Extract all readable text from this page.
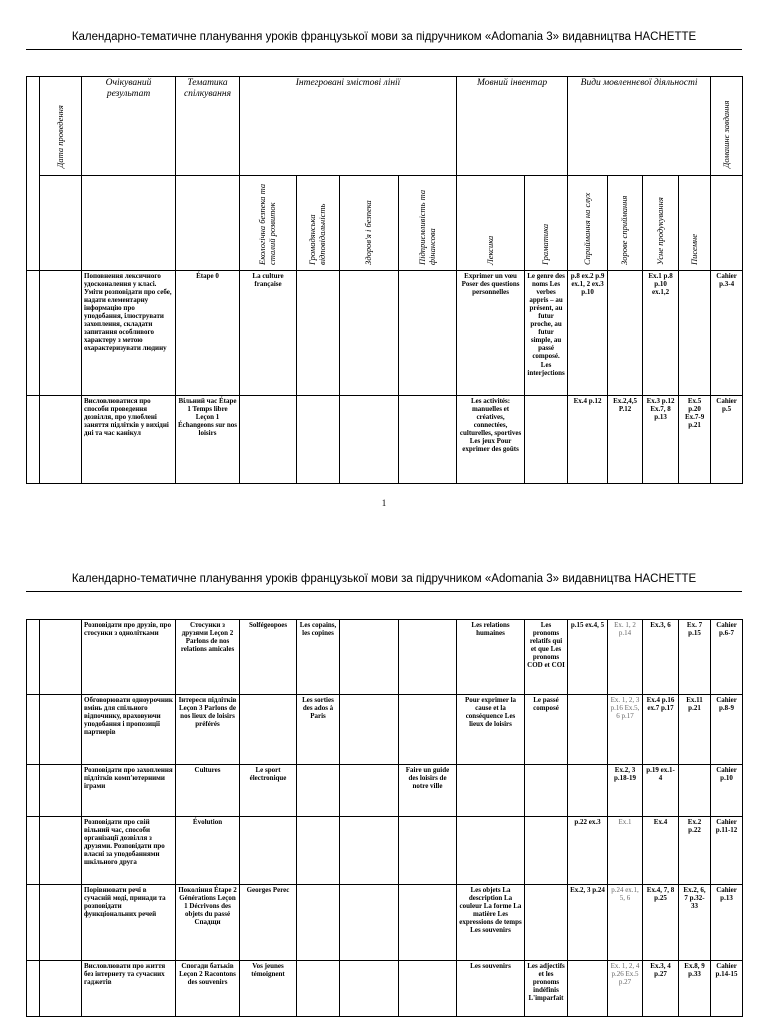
Календарно-тематичне планування уроків французької мови за підручником «Adomania 3» видавництва HACHETTE

	Дата проведення	Очікуваний результат	Тематика спілкування	Інтегровані змістові лінії				Мовний інвентар		Види мовленнєвої діяльності				Домашнє завдання

				Екологічна безпека та сталий розвиток	Громадянська відповідальність	Здоров'я і безпека	Підприємливість та фінансова	Лексика	Граматика	Сприймання на слух	Зорове сприймання	Усне продукування	Писемне	

		Поповнення лексичного удосконалення у класі. Уміти розповідати про себе, надати елементарну інформацію про уподобання, ілюструвати захоплення, складати запитання особливого характеру з метою охарактеризувати людину	Étape 0	La culture française				Exprimer un vœu Poser des questions personnelles	Le genre des noms Les verbes appris – au présent, au futur proche, au futur simple, au passé composé. Les interjections	p.8 ex.2 p.9 ex.1, 2 ex.3 p.10		Ex.1 p.8 p.10 ex.1,2		Cahier p.3-4
		Висловлюватися про способи проведення дозвілля, про улюблені заняття підлітків у вихідні дні та час канікул	Вільний час Étape 1 Temps libre Leçon 1 Échangeons sur nos loisirs					Les activités: manuelles et créatives, connectées, culturelles, sportives Les jeux Pour exprimer des goûts		Ex.4 p.12	Ex.2,4,5 P.12	Ex.3 p.12 Ex.7, 8 p.13	Ex.5 p.20 Ex.7-9 p.21	Cahier p.5
1
Календарно-тематичне планування уроків французької мови за підручником «Adomania 3» видавництва HACHETTE
		Розповідати про друзів, про стосунки з однолітками	Стосунки з друзями Leçon 2 Parlons de nos relations amicales	Solfégeopoes	Les copains, les copines			Les relations humaines	Les pronoms relatifs qui et que Les pronoms COD et COI	p.15 ex.4, 5	Ex. 1, 2 p.14	Ex.3, 6	Ex. 7 p.15	Cahier p.6-7
		Обговорювати одноурочник вмінь для спільного відпочинку, враховуючи уподобання і пропозиції партнерів	Інтереси підлітків Leçon 3 Parlons de nos lieux de loisirs préférés		Les sorties des ados à Paris			Pour exprimer la cause et la conséquence Les lieux de loisirs	Le passé composé		Ex. 1, 2, 3 p.16 Ex.5, 6 p.17	Ex.4 p.16 ex.7 p.17	Ex.11 p.21	Cahier p.8-9
		Розповідати про захоплення підлітків комп'ютерними іграми	Cultures	Le sport électronique			Faire un guide des loisirs de notre ville				Ex.2, 3 p.18-19	p.19 ex.1-4		Cahier p.10
		Розповідати про свій вільний час, способи організації дозвілля з друзями. Розповідати про власні за уподобаннями шкільного друга	Évolution							p.22 ex.3	Ex.1	Ex.4	Ex.2 p.22	Cahier p.11-12
		Порівнювати речі в сучасній моді, принади та розповідати функціональних речей	Покоління Étape 2 Générations Leçon 1 Décrivons des objets du passé Спадщи	Georges Perec				Les objets La description La couleur La forme La matière Les expressions de temps Les souvenirs		Ex.2, 3 p.24	p.24 ex.1, 5, 6	Ex.4, 7, 8 p.25	Ex.2, 6, 7 p.32-33	Cahier p.13
		Висловлювати про життя без інтернету та сучасних гаджетів	Спогади батьків Leçon 2 Racontons des souvenirs	Vos jeunes témoignent				Les souvenirs	Les adjectifs et les pronoms indéfinis L'imparfait		Ex. 1, 2, 4 p.26 Ex.5 p.27	Ex.3, 4 p.27	Ex.8, 9 p.33	Cahier p.14-15
